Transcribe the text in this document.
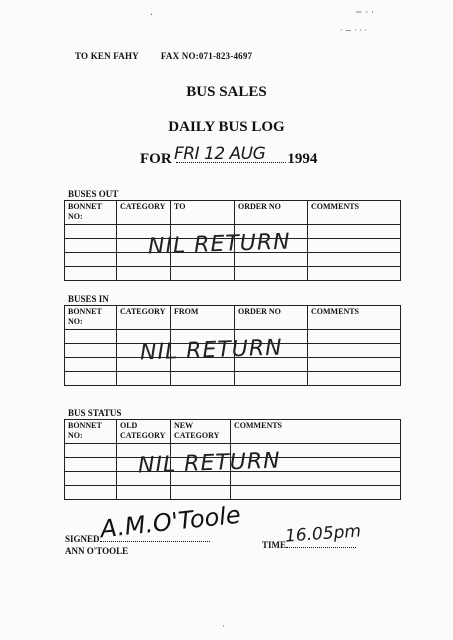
·	~ · ·
· ~ · · ·
TO KEN FAHY FAX NO:071-823-4697
BUS SALES
DAILY BUS LOG
FOR	1994
FRI 12 AUG
BUSES OUT
BONNET NO:	CATEGORY	TO	ORDER NO	COMMENTS

NIL RETURN
BUSES IN
BONNET NO:	CATEGORY	FROM	ORDER NO	COMMENTS

NIL RETURN
BUS STATUS
BONNET NO:	OLD CATEGORY	NEW CATEGORY	COMMENTS

NIL RETURN
SIGNED
ANN O'TOOLE
A.M.O'Toole
TIME
16.05pm
·
